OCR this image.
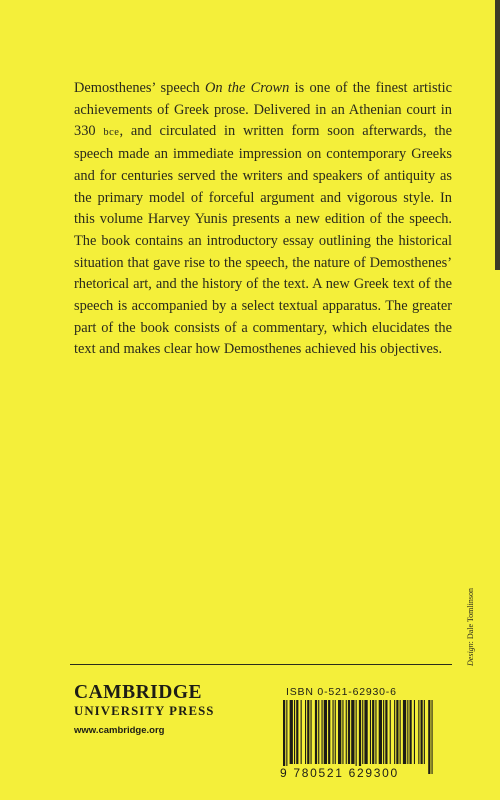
Demosthenes’ speech On the Crown is one of the finest artistic achievements of Greek prose. Delivered in an Athenian court in 330 bce, and circulated in written form soon afterwards, the speech made an immediate impression on contemporary Greeks and for centuries served the writers and speakers of antiquity as the primary model of forceful argument and vigorous style. In this volume Harvey Yunis presents a new edition of the speech. The book contains an introductory essay outlining the historical situation that gave rise to the speech, the nature of Demosthenes’ rhetorical art, and the history of the text. A new Greek text of the speech is accompanied by a select textual apparatus. The greater part of the book consists of a commentary, which elucidates the text and makes clear how Demosthenes achieved his objectives.
Design: Dale Tomlinson
CAMBRIDGE
UNIVERSITY PRESS
www.cambridge.org
ISBN 0-521-62930-6
9 780521 629300
